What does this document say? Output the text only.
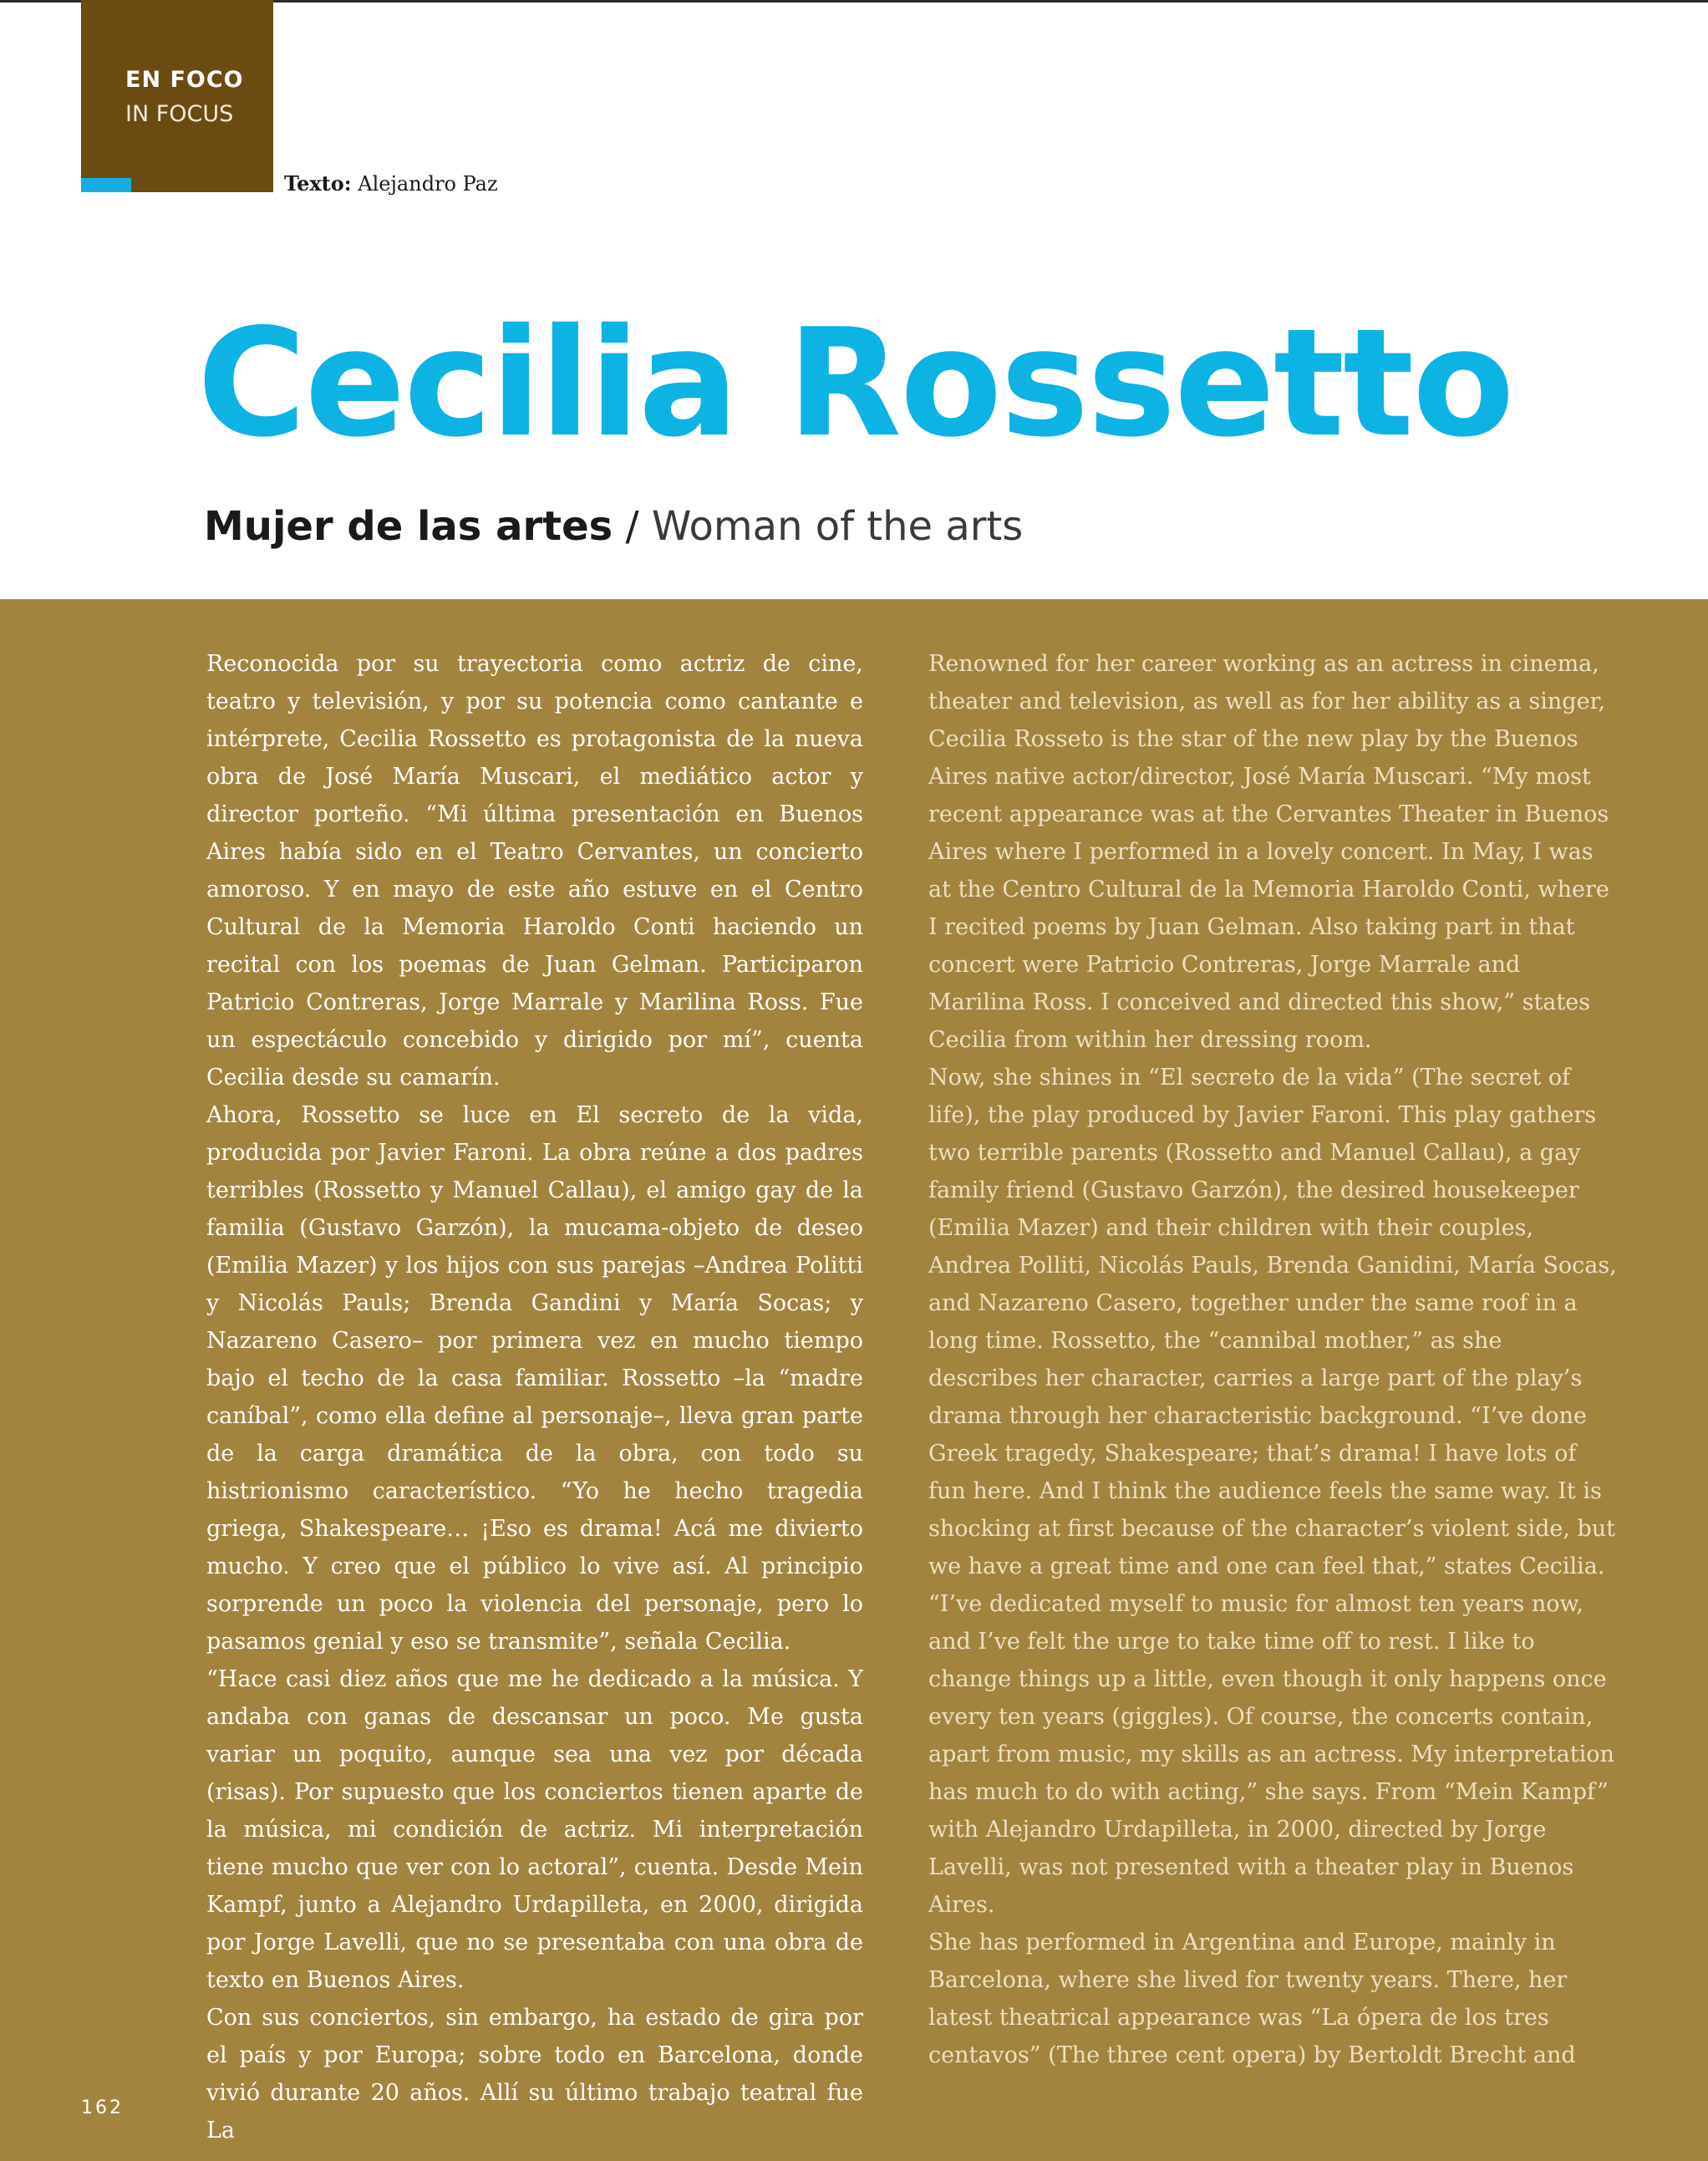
EN FOCO
IN FOCUS
Texto: Alejandro Paz
Cecilia Rossetto
Mujer de las artes / Woman of the arts

Reconocida por su trayectoria como actriz de cine, teatro y televisión, y por su potencia como cantante e intérprete, Cecilia Rossetto es protagonista de la nueva obra de José María Muscari, el mediático actor y director porteño. “Mi última presentación en Buenos Aires había sido en el Teatro Cervantes, un concierto amoroso. Y en mayo de este año estuve en el Centro Cultural de la Memoria Haroldo Conti haciendo un recital con los poemas de Juan Gelman. Participaron Patricio Contreras, Jorge Marrale y Marilina Ross. Fue un espectáculo concebido y dirigido por mí”, cuenta Cecilia desde su camarín.

Ahora, Rossetto se luce en El secreto de la vida, producida por Javier Faroni. La obra reúne a dos padres terribles (Rossetto y Manuel Callau), el amigo gay de la familia (Gustavo Garzón), la mucama-objeto de deseo (Emilia Mazer) y los hijos con sus parejas –Andrea Politti y Nicolás Pauls; Brenda Gandini y María Socas; y Nazareno Casero– por primera vez en mucho tiempo bajo el techo de la casa familiar. Rossetto –la “madre caníbal”, como ella define al personaje–, lleva gran parte de la carga dramática de la obra, con todo su histrionismo característico. “Yo he hecho tragedia griega, Shakespeare… ¡Eso es drama! Acá me divierto mucho. Y creo que el público lo vive así. Al principio sorprende un poco la violencia del personaje, pero lo pasamos genial y eso se transmite”, señala Cecilia.

“Hace casi diez años que me he dedicado a la música. Y andaba con ganas de descansar un poco. Me gusta variar un poquito, aunque sea una vez por década (risas). Por supuesto que los conciertos tienen aparte de la música, mi condición de actriz. Mi interpretación tiene mucho que ver con lo actoral”, cuenta. Desde Mein Kampf, junto a Alejandro Urdapilleta, en 2000, dirigida por Jorge Lavelli, que no se presentaba con una obra de texto en Buenos Aires.

Con sus conciertos, sin embargo, ha estado de gira por el país y por Europa; sobre todo en Barcelona, donde vivió durante 20 años. Allí su último trabajo teatral fue La

Renowned for her career working as an actress in cinema, theater and television, as well as for her ability as a singer, Cecilia Rosseto is the star of the new play by the Buenos Aires native actor/director, José María Muscari. “My most recent appearance was at the Cervantes Theater in Buenos Aires where I performed in a lovely concert. In May, I was at the Centro Cultural de la Memoria Haroldo Conti, where I recited poems by Juan Gelman. Also taking part in that concert were Patricio Contreras, Jorge Marrale and Marilina Ross. I conceived and directed this show,” states Cecilia from within her dressing room.

Now, she shines in “El secreto de la vida” (The secret of life), the play produced by Javier Faroni. This play gathers two terrible parents (Rossetto and Manuel Callau), a gay family friend (Gustavo Garzón), the desired housekeeper (Emilia Mazer) and their children with their couples, Andrea Polliti, Nicolás Pauls, Brenda Ganidini, María Socas, and Nazareno Casero, together under the same roof in a long time. Rossetto, the “cannibal mother,” as she describes her character, carries a large part of the play’s drama through her characteristic background. “I’ve done Greek tragedy, Shakespeare; that’s drama! I have lots of fun here. And I think the audience feels the same way. It is shocking at first because of the character’s violent side, but we have a great time and one can feel that,” states Cecilia.

“I’ve dedicated myself to music for almost ten years now, and I’ve felt the urge to take time off to rest. I like to change things up a little, even though it only happens once every ten years (giggles). Of course, the concerts contain, apart from music, my skills as an actress. My interpretation has much to do with acting,” she says. From “Mein Kampf” with Alejandro Urdapilleta, in 2000, directed by Jorge Lavelli, was not presented with a theater play in Buenos Aires.

She has performed in Argentina and Europe, mainly in Barcelona, where she lived for twenty years. There, her latest theatrical appearance was “La ópera de los tres centavos” (The three cent opera) by Bertoldt Brecht and

162
